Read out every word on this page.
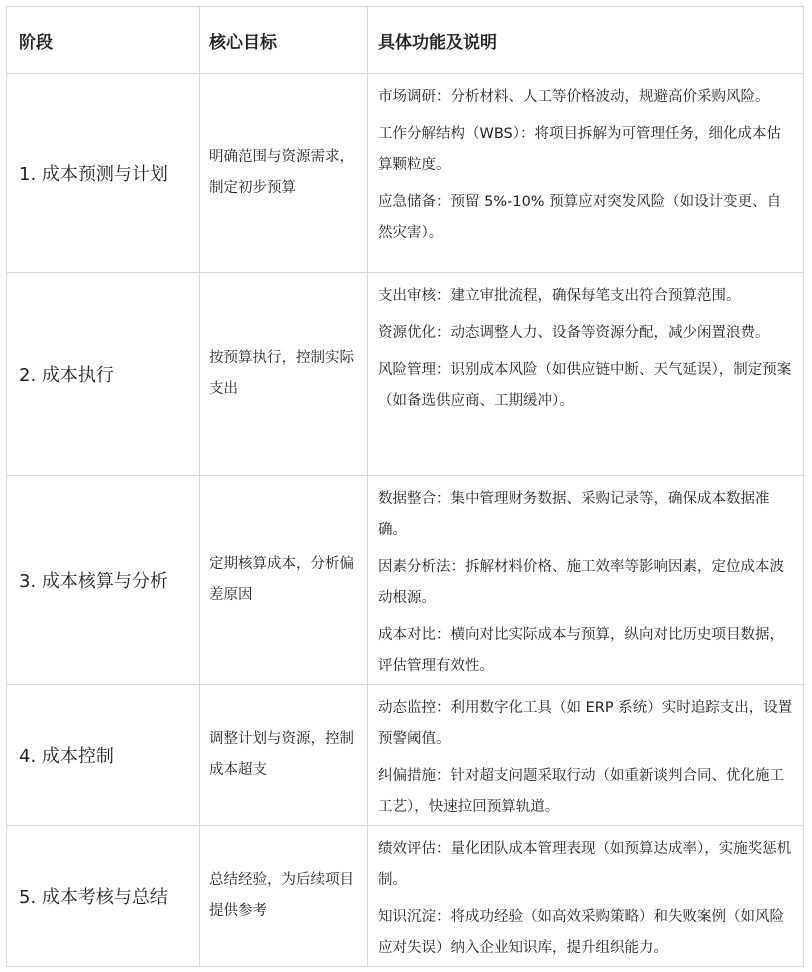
阶段	核心目标	具体功能及说明
1. 成本预测与计划
明确范围与资源需求，制定初步预算

市场调研：分析材料、人工等价格波动，规避高价采购风险。

工作分解结构（WBS）：将项目拆解为可管理任务，细化成本估算颗粒度。

应急储备：预留 5%-10% 预算应对突发风险（如设计变更、自然灾害）。

2. 成本执行
按预算执行，控制实际支出

支出审核：建立审批流程，确保每笔支出符合预算范围。

资源优化：动态调整人力、设备等资源分配，减少闲置浪费。

风险管理：识别成本风险（如供应链中断、天气延误），制定预案（如备选供应商、工期缓冲）。

3. 成本核算与分析
定期核算成本，分析偏差原因

数据整合：集中管理财务数据、采购记录等，确保成本数据准确。

因素分析法：拆解材料价格、施工效率等影响因素，定位成本波动根源。

成本对比：横向对比实际成本与预算，纵向对比历史项目数据，评估管理有效性。

4. 成本控制
调整计划与资源，控制成本超支

动态监控：利用数字化工具（如 ERP 系统）实时追踪支出，设置预警阈值。

纠偏措施：针对超支问题采取行动（如重新谈判合同、优化施工工艺），快速拉回预算轨道。

5. 成本考核与总结
总结经验，为后续项目提供参考

绩效评估：量化团队成本管理表现（如预算达成率），实施奖惩机制。

知识沉淀：将成功经验（如高效采购策略）和失败案例（如风险应对失误）纳入企业知识库，提升组织能力。
